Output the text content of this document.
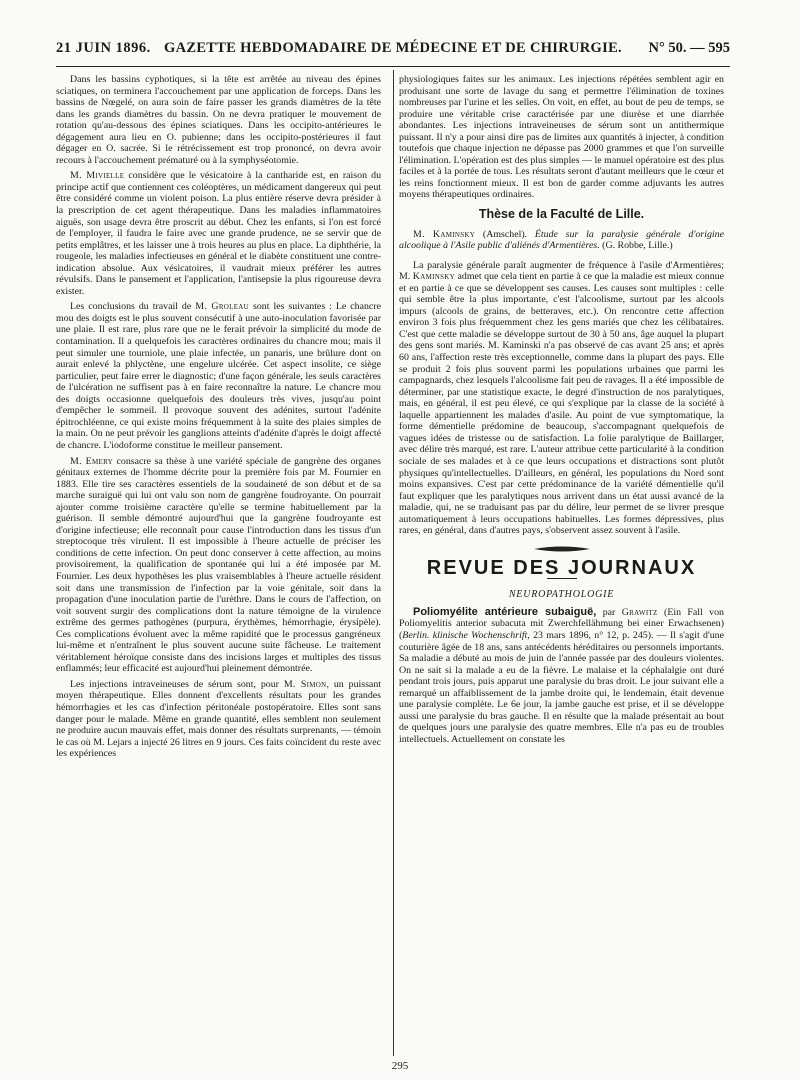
21 JUIN 1896. GAZETTE HEBDOMADAIRE DE MÉDECINE ET DE CHIRURGIE.	N° 50. — 595

Dans les bassins cyphotiques, si la tête est arrêtée au niveau des épines sciatiques, on terminera l'accouchement par une application de forceps. Dans les bassins de Nœgelé, on aura soin de faire passer les grands diamètres de la tête dans les grands diamètres du bassin. On ne devra pratiquer le mouvement de rotation qu'au-dessous des épines sciatiques. Dans les occipito-antérieures le dégagement aura lieu en O. pubienne; dans les occipito-postérieures il faut dégager en O. sacrée. Si le rétrécissement est trop prononcé, on devra avoir recours à l'accouchement prématuré ou à la symphyséotomie.

M. Mivielle considère que le vésicatoire à la cantharide est, en raison du principe actif que contiennent ces coléoptères, un médicament dangereux qui peut être considéré comme un violent poison. La plus entière réserve devra présider à la prescription de cet agent thérapeutique. Dans les maladies inflammatoires aiguës, son usage devra être proscrit au début. Chez les enfants, si l'on est forcé de l'employer, il faudra le faire avec une grande prudence, ne se servir que de petits emplâtres, et les laisser une à trois heures au plus en place. La diphthérie, la rougeole, les maladies infectieuses en général et le diabète constituent une contre-indication absolue. Aux vésicatoires, il vaudrait mieux préférer les autres révulsifs. Dans le pansement et l'application, l'antisepsie la plus rigoureuse devra exister.

Les conclusions du travail de M. Groleau sont les suivantes : Le chancre mou des doigts est le plus souvent consécutif à une auto-inoculation favorisée par une plaie. Il est rare, plus rare que ne le ferait prévoir la simplicité du mode de contamination. Il a quelquefois les caractères ordinaires du chancre mou; mais il peut simuler une tourniole, une plaie infectée, un panaris, une brûlure dont on aurait enlevé la phlyctène, une engelure ulcérée. Cet aspect insolite, ce siège particulier, peut faire errer le diagnostic; d'une façon générale, les seuls caractères de l'ulcération ne suffisent pas à en faire reconnaître la nature. Le chancre mou des doigts occasionne quelquefois des douleurs très vives, jusqu'au point d'empêcher le sommeil. Il provoque souvent des adénites, surtout l'adénite épitrochléenne, ce qui existe moins fréquemment à la suite des plaies simples de la main. On ne peut prévoir les ganglions atteints d'adénite d'après le doigt affecté de chancre. L'iodoforme constitue le meilleur pansement.

M. Emery consacre sa thèse à une variété spéciale de gangrène des organes génitaux externes de l'homme décrite pour la première fois par M. Fournier en 1883. Elle tire ses caractères essentiels de la soudaineté de son début et de sa marche suraiguë qui lui ont valu son nom de gangrène foudroyante. On pourrait ajouter comme troisième caractère qu'elle se termine habituellement par la guérison. Il semble démontré aujourd'hui que la gangrène foudroyante est d'origine infectieuse; elle reconnaît pour cause l'introduction dans les tissus d'un streptocoque très virulent. Il est impossible à l'heure actuelle de préciser les conditions de cette infection. On peut donc conserver à cette affection, au moins provisoirement, la qualification de spontanée qui lui a été imposée par M. Fournier. Les deux hypothèses les plus vraisemblables à l'heure actuelle résident soit dans une transmission de l'infection par la voie génitale, soit dans la propagation d'une inoculation partie de l'urèthre. Dans le cours de l'affection, on voit souvent surgir des complications dont la nature témoigne de la virulence extrême des germes pathogènes (purpura, érythèmes, hémorrhagie, érysipèle). Ces complications évoluent avec la même rapidité que le processus gangréneux lui-même et n'entraînent le plus souvent aucune suite fâcheuse. Le traitement véritablement héroïque consiste dans des incisions larges et multiples des tissus enflammés; leur efficacité est aujourd'hui pleinement démontrée.

Les injections intraveineuses de sérum sont, pour M. Simon, un puissant moyen thérapeutique. Elles donnent d'excellents résultats pour les grandes hémorrhagies et les cas d'infection péritonéale postopératoire. Elles sont sans danger pour le malade. Même en grande quantité, elles semblent non seulement ne produire aucun mauvais effet, mais donner des résultats surprenants, — témoin le cas où M. Lejars a injecté 26 litres en 9 jours. Ces faits coïncident du reste avec les expériences

physiologiques faites sur les animaux. Les injections répétées semblent agir en produisant une sorte de lavage du sang et permettre l'élimination de toxines nombreuses par l'urine et les selles. On voit, en effet, au bout de peu de temps, se produire une véritable crise caractérisée par une diurèse et une diarrhée abondantes. Les injections intraveineuses de sérum sont un antithermique puissant. Il n'y a pour ainsi dire pas de limites aux quantités à injecter, à condition toutefois que chaque injection ne dépasse pas 2000 grammes et que l'on surveille l'élimination. L'opération est des plus simples — le manuel opératoire est des plus faciles et à la portée de tous. Les résultats seront d'autant meilleurs que le cœur et les reins fonctionnent mieux. Il est bon de garder comme adjuvants les autres moyens thérapeutiques ordinaires.

Thèse de la Faculté de Lille.

M. Kaminsky (Amschel). Étude sur la paralysie générale d'origine alcoolique à l'Asile public d'aliénés d'Armentières. (G. Robbe, Lille.)

La paralysie générale paraît augmenter de fréquence à l'asile d'Armentières; M. Kaminsky admet que cela tient en partie à ce que la maladie est mieux connue et en partie à ce que se développent ses causes. Les causes sont multiples : celle qui semble être la plus importante, c'est l'alcoolisme, surtout par les alcools impurs (alcools de grains, de betteraves, etc.). On rencontre cette affection environ 3 fois plus fréquemment chez les gens mariés que chez les célibataires. C'est que cette maladie se développe surtout de 30 à 50 ans, âge auquel la plupart des gens sont mariés. M. Kaminski n'a pas observé de cas avant 25 ans; et après 60 ans, l'affection reste très exceptionnelle, comme dans la plupart des pays. Elle se produit 2 fois plus souvent parmi les populations urbaines que parmi les campagnards, chez lesquels l'alcoolisme fait peu de ravages. Il a été impossible de déterminer, par une statistique exacte, le degré d'instruction de nos paralytiques, mais, en général, il est peu élevé, ce qui s'explique par la classe de la société à laquelle appartiennent les malades d'asile. Au point de vue symptomatique, la forme démentielle prédomine de beaucoup, s'accompagnant quelquefois de vagues idées de tristesse ou de satisfaction. La folie paralytique de Baillarger, avec délire très marqué, est rare. L'auteur attribue cette particularité à la condition sociale de ses malades et à ce que leurs occupations et distractions sont plutôt physiques qu'intellectuelles. D'ailleurs, en général, les populations du Nord sont moins expansives. C'est par cette prédominance de la variété démentielle qu'il faut expliquer que les paralytiques nous arrivent dans un état aussi avancé de la maladie, qui, ne se traduisant pas par du délire, leur permet de se livrer presque automatiquement à leurs occupations habituelles. Les formes dépressives, plus rares, en général, dans d'autres pays, s'observent assez souvent à l'asile.

REVUE DES JOURNAUX
NEUROPATHOLOGIE

Poliomyélite antérieure subaiguë, par Grawitz (Ein Fall von Poliomyelitis anterior subacuta mit Zwerchfellähmung bei einer Erwachsenen) (Berlin. klinische Wochenschrift, 23 mars 1896, n° 12, p. 245). — Il s'agit d'une couturière âgée de 18 ans, sans antécédents héréditaires ou personnels importants. Sa maladie a débuté au mois de juin de l'année passée par des douleurs violentes. On ne sait si la malade a eu de la fièvre. Le malaise et la céphalalgie ont duré pendant trois jours, puis apparut une paralysie du bras droit. Le jour suivant elle a remarqué un affaiblissement de la jambe droite qui, le lendemain, était devenue une paralysie complète. Le 6e jour, la jambe gauche est prise, et il se développe aussi une paralysie du bras gauche. Il en résulte que la malade présentait au bout de quelques jours une paralysie des quatre membres. Elle n'a pas eu de troubles intellectuels. Actuellement on constate les

295
